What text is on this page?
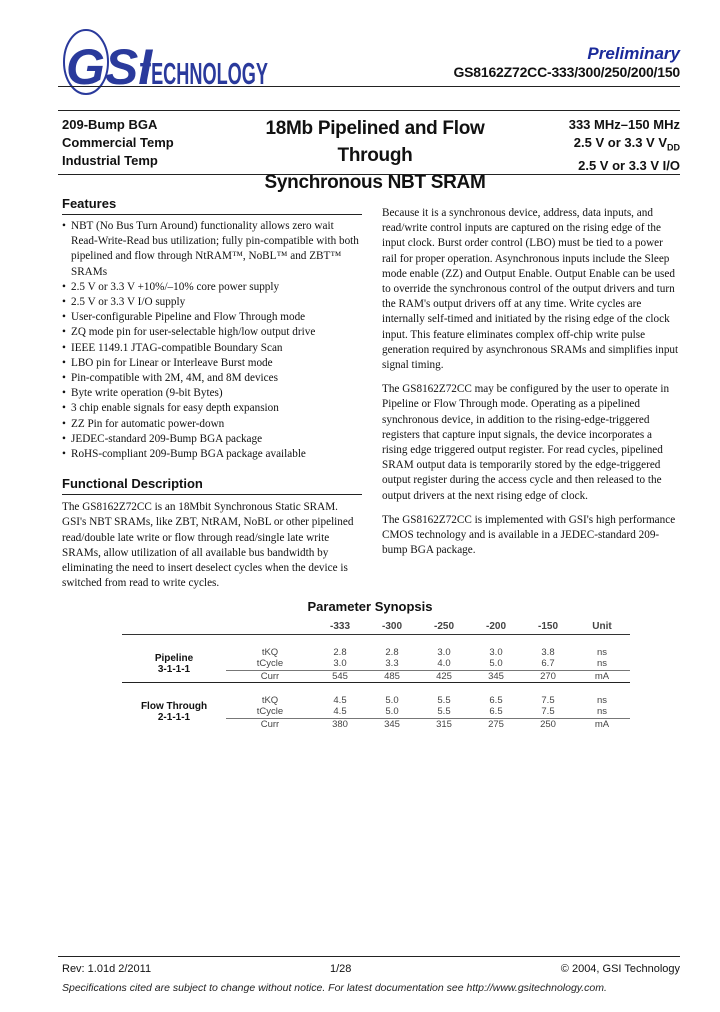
GSI
TECHNOLOGY
Preliminary
GS8162Z72CC-333/300/250/200/150
209-Bump BGA
Commercial Temp
Industrial Temp
18Mb Pipelined and Flow Through
Synchronous NBT SRAM
333 MHz–150 MHz
2.5 V or 3.3 V $V_{DD}$
2.5 V or 3.3 V I/O
Features
• NBT (No Bus Turn Around) functionality allows zero wait Read-Write-Read bus utilization; fully pin-compatible with both pipelined and flow through NtRAM™, NoBL™ and ZBT™ SRAMs
• 2.5 V or 3.3 V +10%/–10% core power supply
• 2.5 V or 3.3 V I/O supply
• User-configurable Pipeline and Flow Through mode
• ZQ mode pin for user-selectable high/low output drive
• IEEE 1149.1 JTAG-compatible Boundary Scan
• LBO pin for Linear or Interleave Burst mode
• Pin-compatible with 2M, 4M, and 8M devices
• Byte write operation (9-bit Bytes)
• 3 chip enable signals for easy depth expansion
• ZZ Pin for automatic power-down
• JEDEC-standard 209-Bump BGA package
• RoHS-compliant 209-Bump BGA package available
Functional Description
The GS8162Z72CC is an 18Mbit Synchronous Static SRAM. GSI's NBT SRAMs, like ZBT, NtRAM, NoBL or other pipelined read/double late write or flow through read/single late write SRAMs, allow utilization of all available bus bandwidth by eliminating the need to insert deselect cycles when the device is switched from read to write cycles.

Because it is a synchronous device, address, data inputs, and read/write control inputs are captured on the rising edge of the input clock. Burst order control (LBO) must be tied to a power rail for proper operation. Asynchronous inputs include the Sleep mode enable (ZZ) and Output Enable. Output Enable can be used to override the synchronous control of the output drivers and turn the RAM's output drivers off at any time. Write cycles are internally self-timed and initiated by the rising edge of the clock input. This feature eliminates complex off-chip write pulse generation required by asynchronous SRAMs and simplifies input signal timing.

The GS8162Z72CC may be configured by the user to operate in Pipeline or Flow Through mode. Operating as a pipelined synchronous device, in addition to the rising-edge-triggered registers that capture input signals, the device incorporates a rising edge triggered output register. For read cycles, pipelined SRAM output data is temporarily stored by the edge-triggered output register during the access cycle and then released to the output drivers at the next rising edge of clock.

The GS8162Z72CC is implemented with GSI's high performance CMOS technology and is available in a JEDEC-standard 209-bump BGA package.

Parameter Synopsis
		-333	-300	-250	-200	-150	Unit

Pipeline
3-1-1-1	tKQ	2.8	2.8	3.0	3.0	3.8	ns
	tCycle	3.0	3.3	4.0	5.0	6.7	ns
	Curr	545	485	425	345	270	mA

Flow Through
2-1-1-1	tKQ	4.5	5.0	5.5	6.5	7.5	ns
	tCycle	4.5	5.0	5.5	6.5	7.5	ns
	Curr	380	345	315	275	250	mA
Rev: 1.01d 2/2011	1/28	© 2004, GSI Technology
Specifications cited are subject to change without notice. For latest documentation see http://www.gsitechnology.com.
